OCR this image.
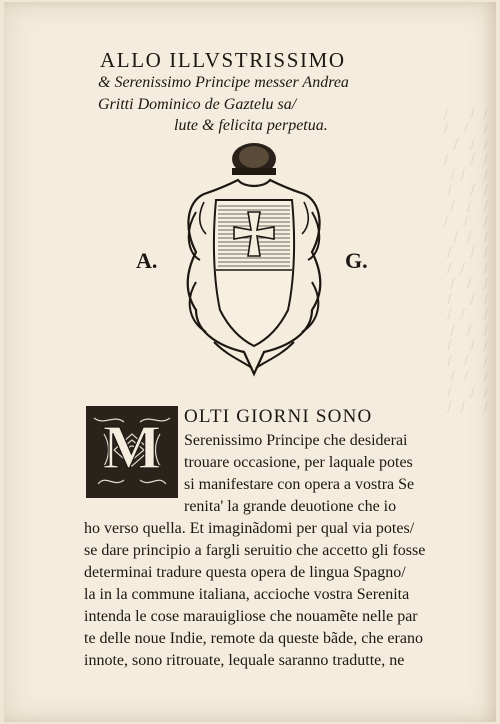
ʃ       ʃ   ʃ
ʃ     ʃ     ʃ
ʃ    ʃ   ʃ
ʃ       ʃ   ʃ
ʃ  ʃ      ʃ
ʃ      ʃ   ʃ
ʃ    ʃ    ʃ
ʃ     ʃ     ʃ
ʃ   ʃ    ʃ
ʃ      ʃ   ʃ
ʃ   ʃ      ʃ
ʃ    ʃ    ʃ
ʃ      ʃ   ʃ
ʃ   ʃ      ʃ
ʃ    ʃ    ʃ
ʃ      ʃ   ʃ
ʃ    ʃ     ʃ
ʃ   ʃ     ʃ
ʃ      ʃ   ʃ
ʃ   ʃ      ʃ

ALLO ILLVSTRISSIMO
& Serenissimo Principe messer Andrea
Gritti Dominico de Gaztelu sa/
lute & felicita perpetua.
A.	G.
M OLTI GIORNI SONO
Serenissimo Principe che desiderai
trouare occasione, per laquale potes
si manifestare con opera a vostra Se
renita' la grande deuotione che io
ho verso quella. Et imaginãdomi per qual via potes/
se dare principio a fargli seruitio che accetto gli fosse
determinai tradure questa opera de lingua Spagno/
la in la commune italiana, accioche vostra Serenita
intenda le cose marauigliose che nouamẽte nelle par
te delle noue Indie, remote da queste bãde, che erano
innote, sono ritrouate, lequale saranno tradutte, ne
